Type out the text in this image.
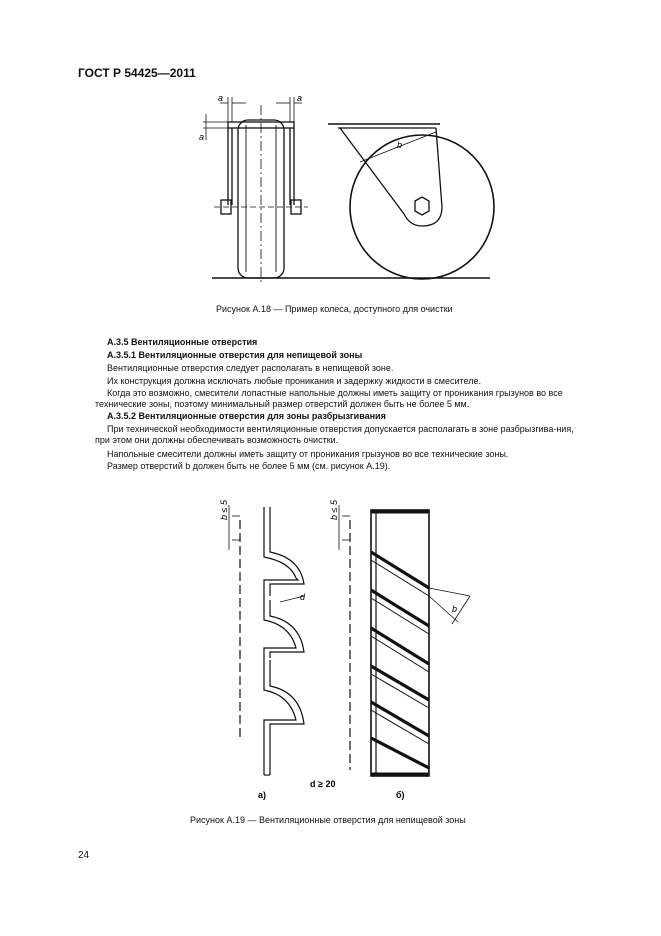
ГОСТ Р 54425—2011
a	a
a
b
Рисунок А.18 — Пример колеса, доступного для очистки
А.3.5 Вентиляционные отверстия
А.3.5.1 Вентиляционные отверстия для непищевой зоны
Вентиляционные отверстия следует располагать в непищевой зоне.
Их конструкция должна исключать любые проникания и задержку жидкости в смесителе.
Когда это возможно, смесители лопастные напольные должны иметь защиту от проникания грызунов во все технические зоны, поэтому минимальный размер отверстий должен быть не более 5 мм.
А.3.5.2 Вентиляционные отверстия для зоны разбрызгивания
При технической необходимости вентиляционные отверстия допускается располагать в зоне разбрызгива-ния, при этом они должны обеспечивать возможность очистки.
Напольные смесители должны иметь защиту от проникания грызунов во все технические зоны.
Размер отверстий b должен быть не более 5 мм (см. рисунок А.19).
b ≤ 5	b ≤ 5
d
b
d ≥ 20
а)	б)
Рисунок А.19 — Вентиляционные отверстия для непищевой зоны
24
